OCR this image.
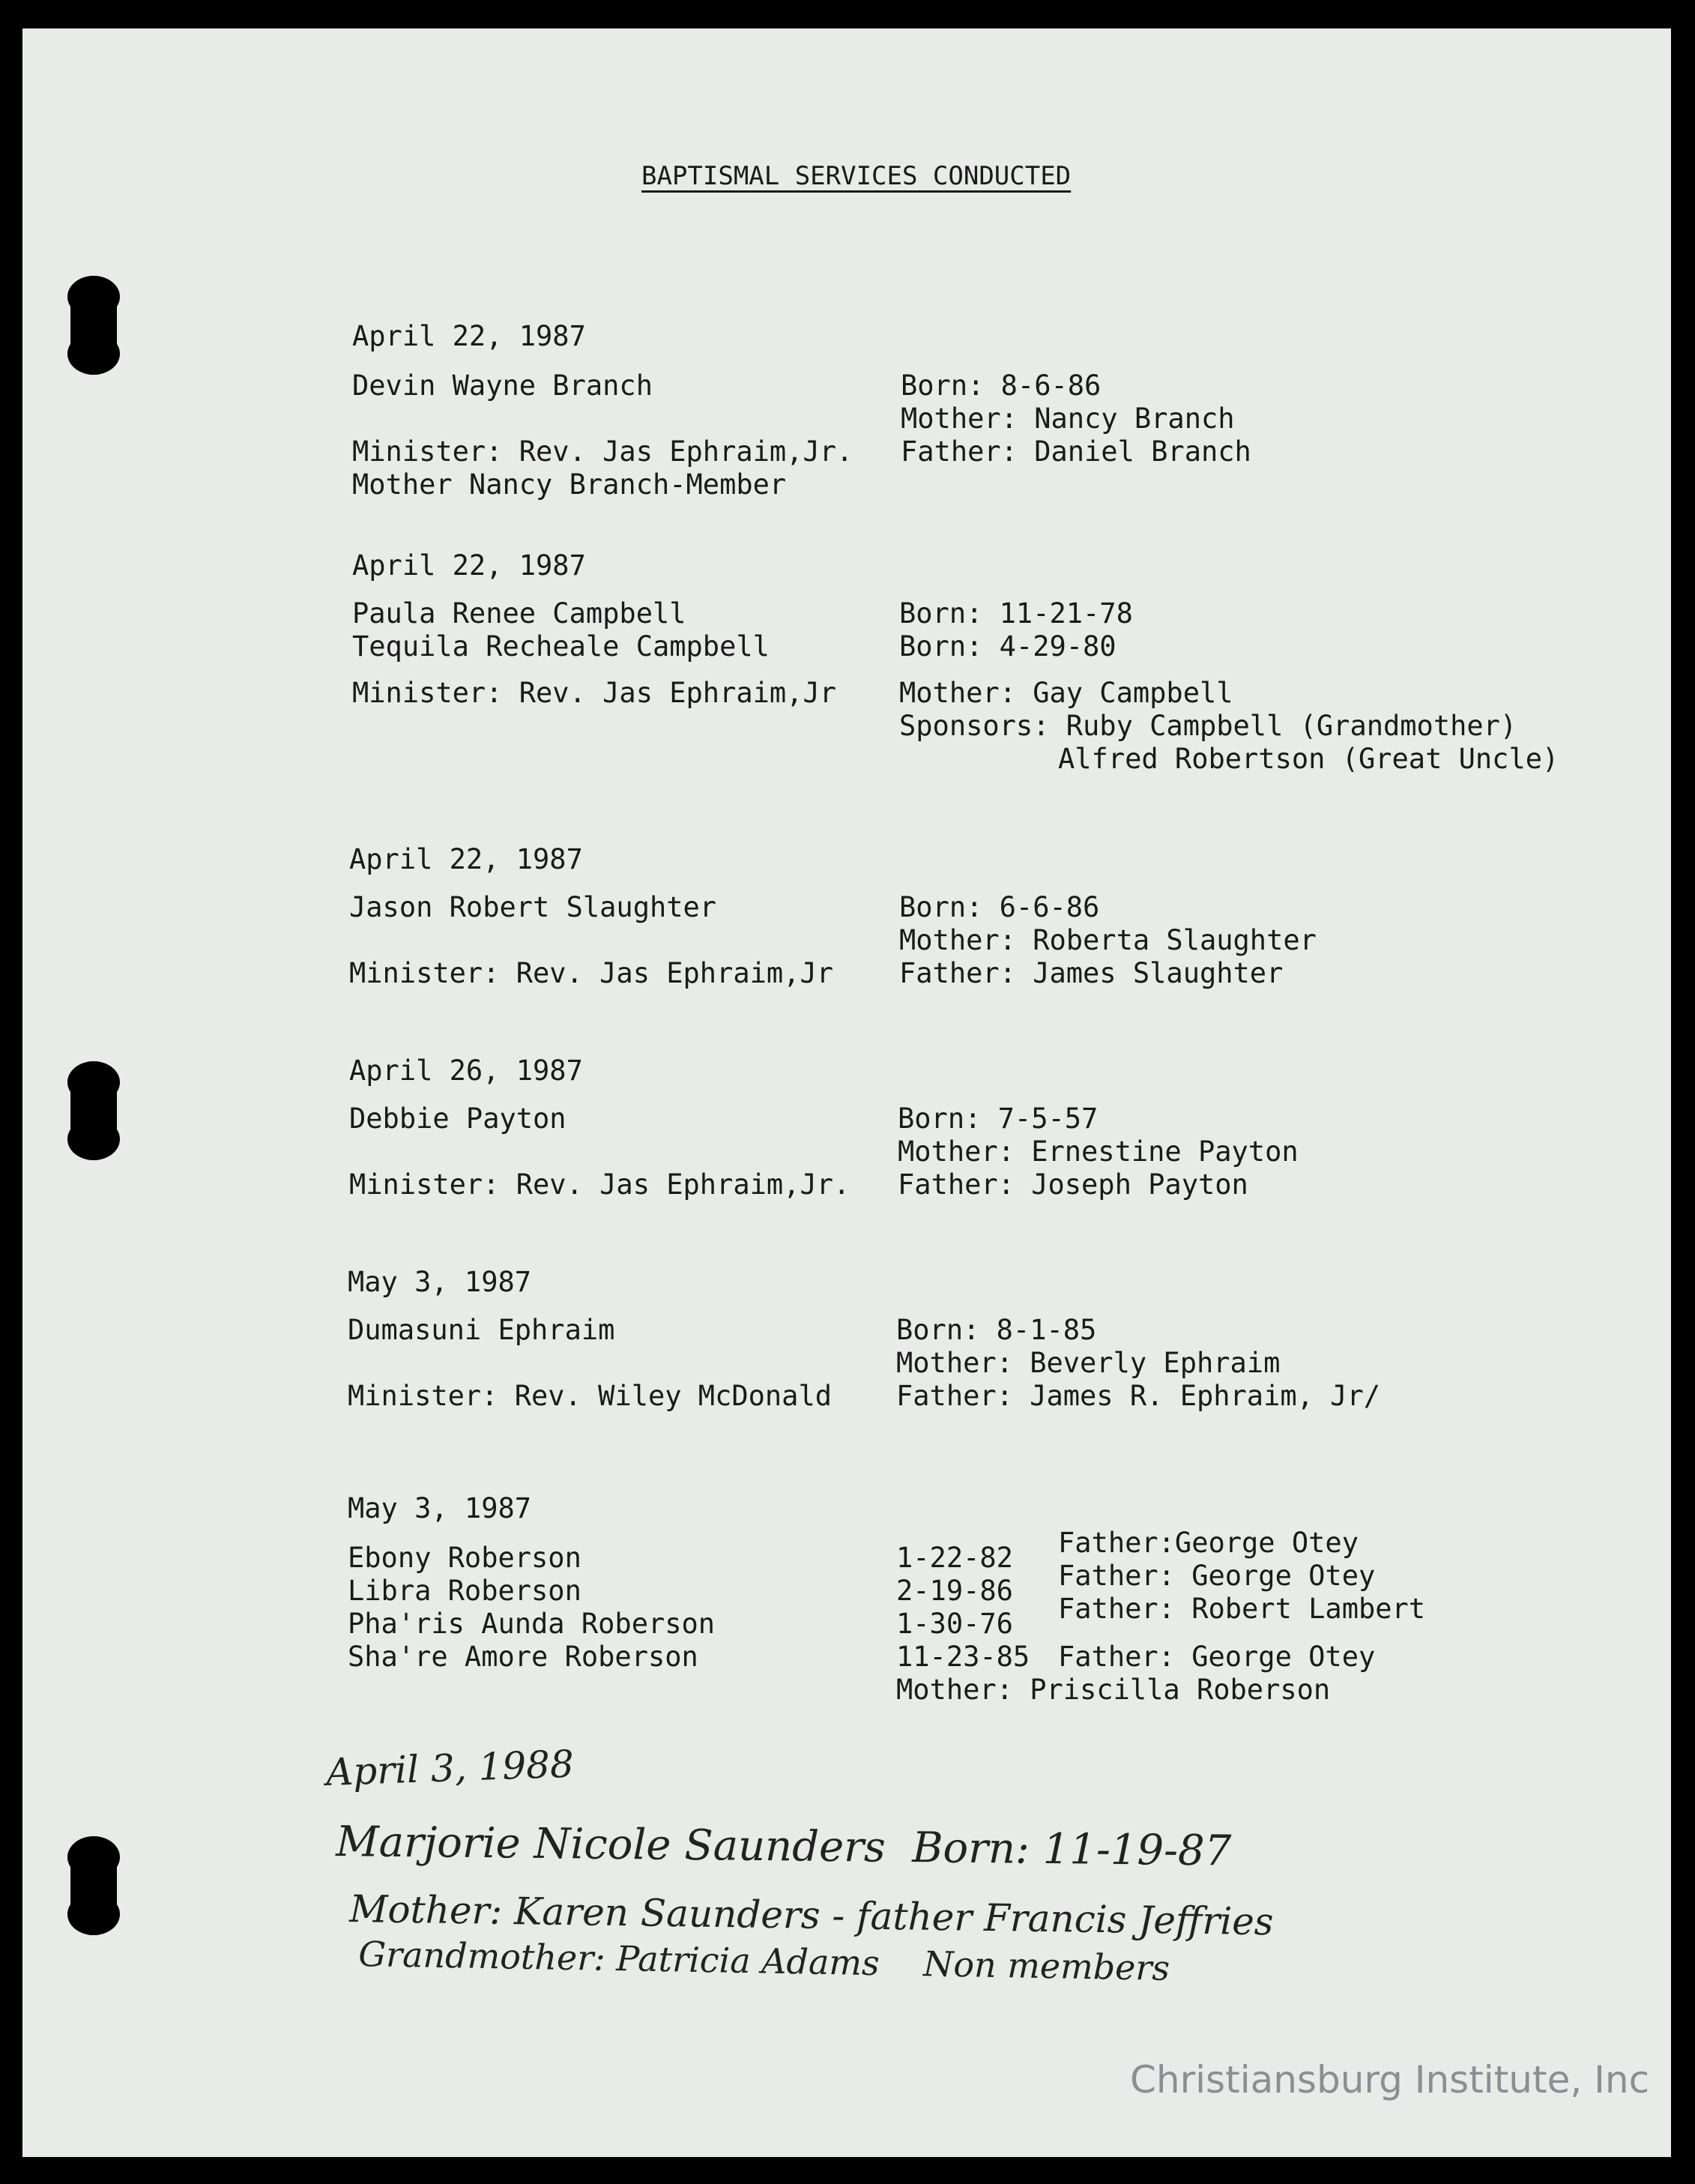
BAPTISMAL SERVICES CONDUCTED
April 22, 1987
Devin Wayne Branch
Minister: Rev. Jas Ephraim,Jr.
Mother Nancy Branch-Member
Born: 8-6-86
Mother: Nancy Branch
Father: Daniel Branch
April 22, 1987
Paula Renee Campbell
Tequila Recheale Campbell
Minister: Rev. Jas Ephraim,Jr
Born: 11-21-78
Born: 4-29-80
Mother: Gay Campbell
Sponsors: Ruby Campbell (Grandmother)
Alfred Robertson (Great Uncle)
April 22, 1987
Jason Robert Slaughter
Minister: Rev. Jas Ephraim,Jr
Born: 6-6-86
Mother: Roberta Slaughter
Father: James Slaughter
April 26, 1987
Debbie Payton
Minister: Rev. Jas Ephraim,Jr.
Born: 7-5-57
Mother: Ernestine Payton
Father: Joseph Payton
May 3, 1987
Dumasuni Ephraim
Minister: Rev. Wiley McDonald
Born: 8-1-85
Mother: Beverly Ephraim
Father: James R. Ephraim, Jr/
May 3, 1987
Ebony Roberson
Libra Roberson
Pha'ris Aunda Roberson
Sha're Amore Roberson
1-22-82
2-19-86
1-30-76
11-23-85
Father:George Otey
Father: George Otey
Father: Robert Lambert
Father: George Otey
Mother: Priscilla Roberson
April 3, 1988
Marjorie Nicole Saunders  Born: 11-19-87
Mother: Karen Saunders - father Francis Jeffries
Grandmother: Patricia Adams    Non members
Christiansburg Institute, Inc
